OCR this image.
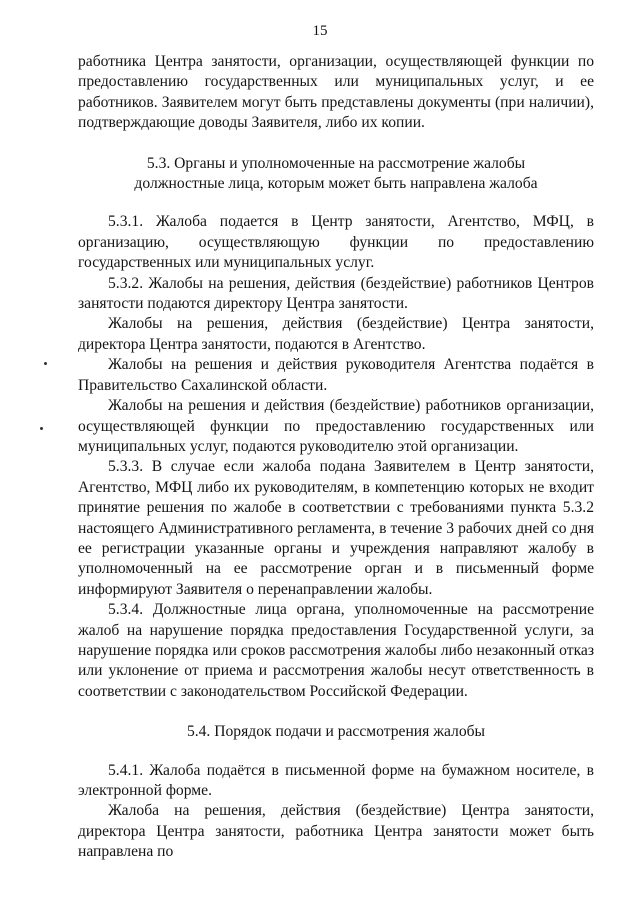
15

работника Центра занятости, организации, осуществляющей функции по предоставлению государственных или муниципальных услуг, и ее работников. Заявителем могут быть представлены документы (при наличии), подтверждающие доводы Заявителя, либо их копии.

5.3. Органы и уполномоченные на рассмотрение жалобы

должностные лица, которым может быть направлена жалоба

5.3.1. Жалоба подается в Центр занятости, Агентство, МФЦ, в организацию, осуществляющую функции по предоставлению государственных или муниципальных услуг.

5.3.2. Жалобы на решения, действия (бездействие) работников Центров занятости подаются директору Центра занятости.

Жалобы на решения, действия (бездействие) Центра занятости, директора Центра занятости, подаются в Агентство.

Жалобы на решения и действия руководителя Агентства подаётся в Правительство Сахалинской области.

Жалобы на решения и действия (бездействие) работников организации, осуществляющей функции по предоставлению государственных или муниципальных услуг, подаются руководителю этой организации.

5.3.3. В случае если жалоба подана Заявителем в Центр занятости, Агентство, МФЦ либо их руководителям, в компетенцию которых не входит принятие решения по жалобе в соответствии с требованиями пункта 5.3.2 настоящего Административного регламента, в течение 3 рабочих дней со дня ее регистрации указанные органы и учреждения направляют жалобу в уполномоченный на ее рассмотрение орган и в письменный форме информируют Заявителя о перенаправлении жалобы.

5.3.4. Должностные лица органа, уполномоченные на рассмотрение жалоб на нарушение порядка предоставления Государственной услуги, за нарушение порядка или сроков рассмотрения жалобы либо незаконный отказ или уклонение от приема и рассмотрения жалобы несут ответственность в соответствии с законодательством Российской Федерации.

5.4. Порядок подачи и рассмотрения жалобы

5.4.1. Жалоба подаётся в письменной форме на бумажном носителе, в электронной форме.

Жалоба на решения, действия (бездействие) Центра занятости, директора Центра занятости, работника Центра занятости может быть направлена по
